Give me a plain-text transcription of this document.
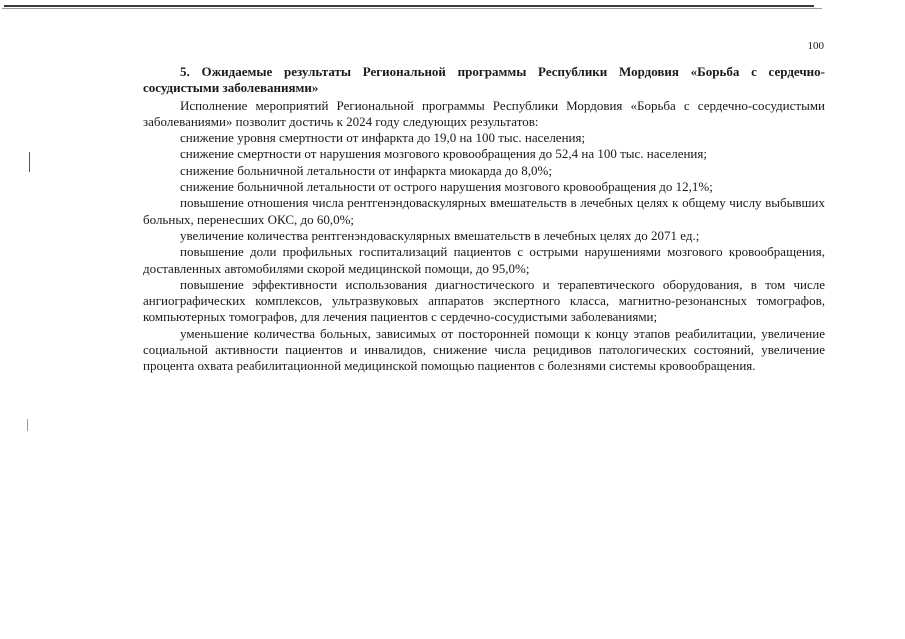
100

5. Ожидаемые результаты Региональной программы Республики Мордовия «Борьба с сердечно-сосудистыми заболеваниями»

Исполнение мероприятий Региональной программы Республики Мордовия «Борьба с сердечно-сосудистыми заболеваниями» позволит достичь к 2024 году следующих результатов:

снижение уровня смертности от инфаркта до 19,0 на 100 тыс. населения;

снижение смертности от нарушения мозгового кровообращения до 52,4 на 100 тыс. населения;

снижение больничной летальности от инфаркта миокарда до 8,0%;

снижение больничной летальности от острого нарушения мозгового кровообращения до 12,1%;

повышение отношения числа рентгенэндоваскулярных вмешательств в лечебных целях к общему числу выбывших больных, перенесших ОКС, до 60,0%;

увеличение количества рентгенэндоваскулярных вмешательств в лечебных целях до 2071 ед.;

повышение доли профильных госпитализаций пациентов с острыми нарушениями мозгового кровообращения, доставленных автомобилями скорой медицинской помощи, до 95,0%;

повышение эффективности использования диагностического и терапевтического оборудования, в том числе ангиографических комплексов, ультразвуковых аппаратов экспертного класса, магнитно-резонансных томографов, компьютерных томографов, для лечения пациентов с сердечно-сосудистыми заболеваниями;

уменьшение количества больных, зависимых от посторонней помощи к концу этапов реабилитации, увеличение социальной активности пациентов и инвалидов, снижение числа рецидивов патологических состояний, увеличение процента охвата реабилитационной медицинской помощью пациентов с болезнями системы кровообращения.
